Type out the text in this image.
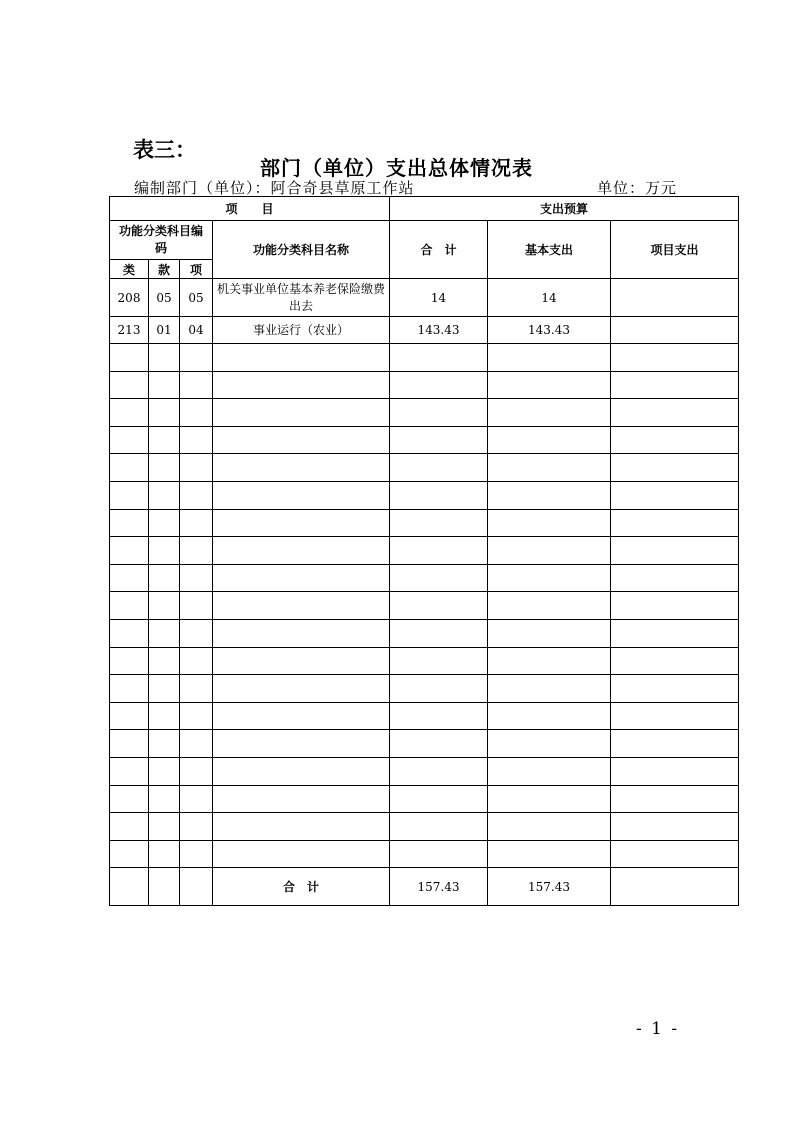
表三：
部门（单位）支出总体情况表
编制部门（单位）：阿合奇县草原工作站	单位：万元
项　　目				支出预算		
功能分类科目编码			功能分类科目名称	合　计	基本支出	项目支出
类	款	项				
208	05	05	机关事业单位基本养老保险缴费出去	14	14	
213	01	04	事业运行（农业）	143.43	143.43	

			合　计	157.43	157.43	
- 1 -
